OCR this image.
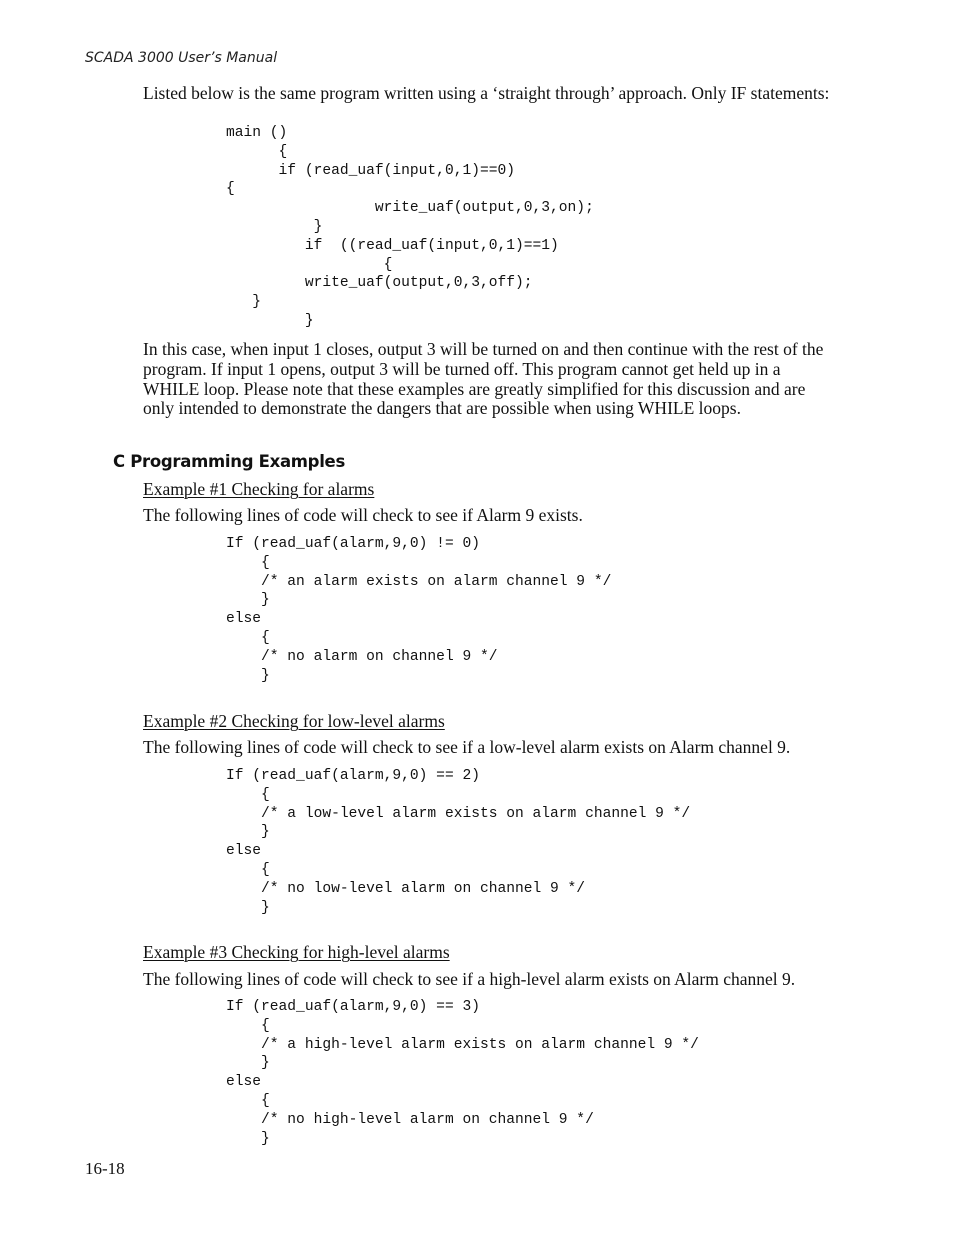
SCADA 3000 User’s Manual

Listed below is the same program written using a ‘straight through’ approach. Only IF statements:

main ()
{
if (read_uaf(input,0,1)==0)
{
write_uaf(output,0,3,on);
}
if  ((read_uaf(input,0,1)==1)
{
write_uaf(output,0,3,off);
}
}

In this case, when input 1 closes, output 3 will be turned on and then continue with the rest of the program. If input 1 opens, output 3 will be turned off. This program cannot get held up in a WHILE loop. Please note that these examples are greatly simplified for this discussion and are only intended to demonstrate the dangers that are possible when using WHILE loops.

C Programming Examples
Example #1 Checking for alarms

The following lines of code will check to see if Alarm 9 exists.

If (read_uaf(alarm,9,0) != 0)
{
/* an alarm exists on alarm channel 9 */
}
else
{
/* no alarm on channel 9 */
}
Example #2 Checking for low-level alarms

The following lines of code will check to see if a low-level alarm exists on Alarm channel 9.

If (read_uaf(alarm,9,0) == 2)
{
/* a low-level alarm exists on alarm channel 9 */
}
else
{
/* no low-level alarm on channel 9 */
}
Example #3 Checking for high-level alarms

The following lines of code will check to see if a high-level alarm exists on Alarm channel 9.

If (read_uaf(alarm,9,0) == 3)
{
/* a high-level alarm exists on alarm channel 9 */
}
else
{
/* no high-level alarm on channel 9 */
}
16-18
